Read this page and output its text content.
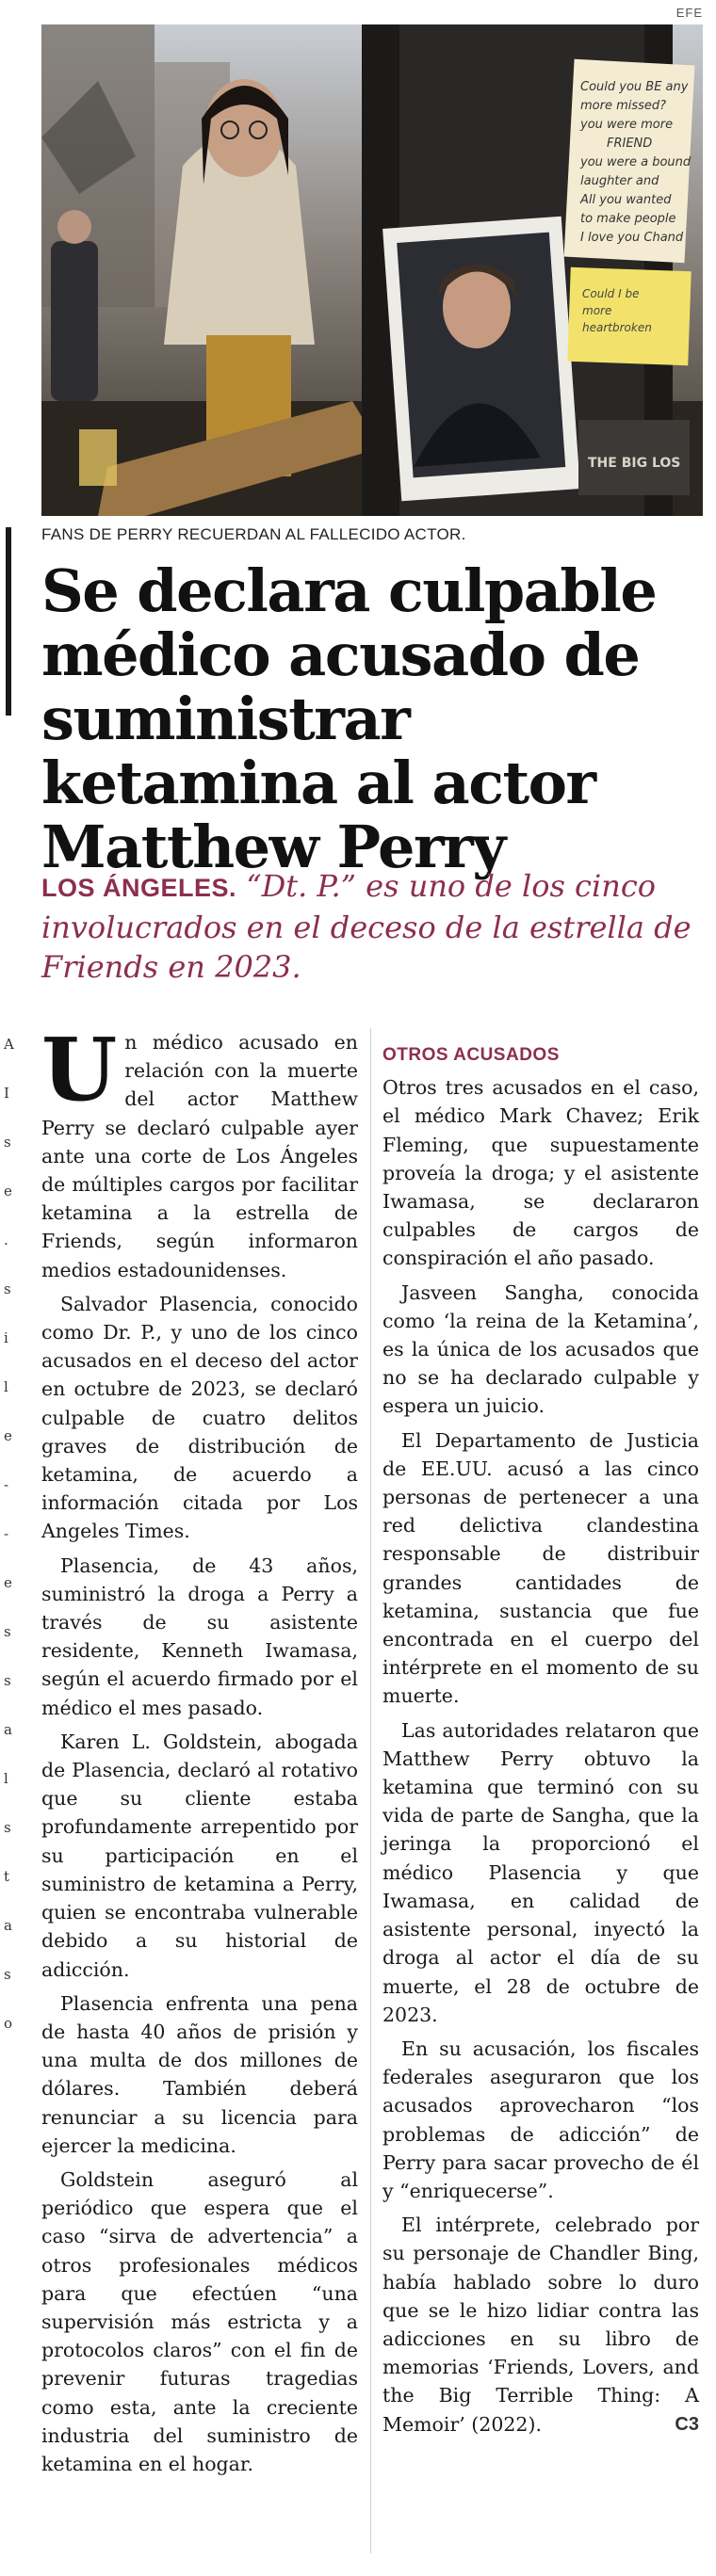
A
I
s
e
.
s
i
l
e
-
-
e
s
s
a
l
s
t
a
s
o
EFE
Could you BE any
more missed?
you were more
FRIEND
you were a bound
laughter and
All you wanted
to make people
I love you Chand
Could I be
more
heartbroken
THE BIG LOS
FANS DE PERRY RECUERDAN AL FALLECIDO ACTOR.
Se declara culpable médico acusado de suministrar ketamina al actor Matthew Perry
LOS ÁNGELES. “Dt. P.” es uno de los cinco involucrados en el deceso de la estrella de Friends en 2023.

Un médico acusado en relación con la muerte del actor Matthew Perry se declaró culpable ayer ante una corte de Los Ángeles de múltiples cargos por facilitar ketamina a la estrella de Friends, según informaron medios estadounidenses.

Salvador Plasencia, conocido como Dr. P., y uno de los cinco acusados en el deceso del actor en octubre de 2023, se declaró culpable de cuatro delitos graves de distribución de ketamina, de acuerdo a información citada por Los Angeles Times.

Plasencia, de 43 años, suministró la droga a Perry a través de su asistente residente, Kenneth Iwamasa, según el acuerdo firmado por el médico el mes pasado.

Karen L. Goldstein, abogada de Plasencia, declaró al rotativo que su cliente estaba profundamente arrepentido por su participación en el suministro de ketamina a Perry, quien se encontraba vulnerable debido a su historial de adicción.

Plasencia enfrenta una pena de hasta 40 años de prisión y una multa de dos millones de dólares. También deberá renunciar a su licencia para ejercer la medicina.

Goldstein aseguró al periódico que espera que el caso “sirva de advertencia” a otros profesionales médicos para que efectúen “una supervisión más estricta y a protocolos claros” con el fin de prevenir futuras tragedias como esta, ante la creciente industria del suministro de ketamina en el hogar.

OTROS ACUSADOS

Otros tres acusados en el caso, el médico Mark Chavez; Erik Fleming, que supuestamente proveía la droga; y el asistente Iwamasa, se declararon culpables de cargos de conspiración el año pasado.

Jasveen Sangha, conocida como ‘la reina de la Ketamina’, es la única de los acusados que no se ha declarado culpable y espera un juicio.

El Departamento de Justicia de EE.UU. acusó a las cinco personas de pertenecer a una red delictiva clandestina responsable de distribuir grandes cantidades de ketamina, sustancia que fue encontrada en el cuerpo del intérprete en el momento de su muerte.

Las autoridades relataron que Matthew Perry obtuvo la ketamina que terminó con su vida de parte de Sangha, que la jeringa la proporcionó el médico Plasencia y que Iwamasa, en calidad de asistente personal, inyectó la droga al actor el día de su muerte, el 28 de octubre de 2023.

En su acusación, los fiscales federales aseguraron que los acusados aprovecharon “los problemas de adicción” de Perry para sacar provecho de él y “enriquecerse”.

El intérprete, celebrado por su personaje de Chandler Bing, había hablado sobre lo duro que se le hizo lidiar contra las adicciones en su libro de memorias ‘Friends, Lovers, and the Big Terrible Thing: A Memoir’ (2022).	C3
